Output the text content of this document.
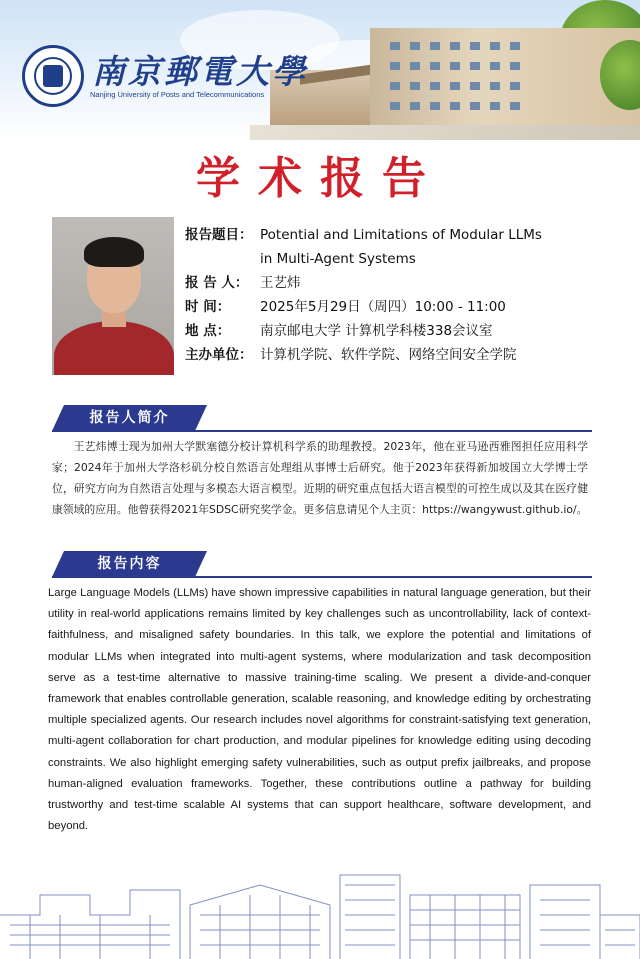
南京郵電大學
Nanjing University of Posts and Telecommunications
学术报告
报告题目： Potential and Limitations of Modular LLMs
in Multi-Agent Systems
报 告 人： 王艺炜
时 间： 2025年5月29日（周四）10:00 - 11:00
地 点： 南京邮电大学 计算机学科楼338会议室
主办单位： 计算机学院、软件学院、网络空间安全学院
报告人简介
王艺炜博士现为加州大学默塞德分校计算机科学系的助理教授。2023年，他在亚马逊西雅图担任应用科学家；2024年于加州大学洛杉矶分校自然语言处理组从事博士后研究。他于2023年获得新加坡国立大学博士学位，研究方向为自然语言处理与多模态大语言模型。近期的研究重点包括大语言模型的可控生成以及其在医疗健康领域的应用。他曾获得2021年SDSC研究奖学金。更多信息请见个人主页：https://wangywust.github.io/。
报告内容
Large Language Models (LLMs) have shown impressive capabilities in natural language generation, but their utility in real-world applications remains limited by key challenges such as uncontrollability, lack of context-faithfulness, and misaligned safety boundaries. In this talk, we explore the potential and limitations of modular LLMs when integrated into multi-agent systems, where modularization and task decomposition serve as a test-time alternative to massive training-time scaling. We present a divide-and-conquer framework that enables controllable generation, scalable reasoning, and knowledge editing by orchestrating multiple specialized agents. Our research includes novel algorithms for constraint-satisfying text generation, multi-agent collaboration for chart production, and modular pipelines for knowledge editing using decoding constraints. We also highlight emerging safety vulnerabilities, such as output prefix jailbreaks, and propose human-aligned evaluation frameworks. Together, these contributions outline a pathway for building trustworthy and test-time scalable AI systems that can support healthcare, software development, and beyond.
